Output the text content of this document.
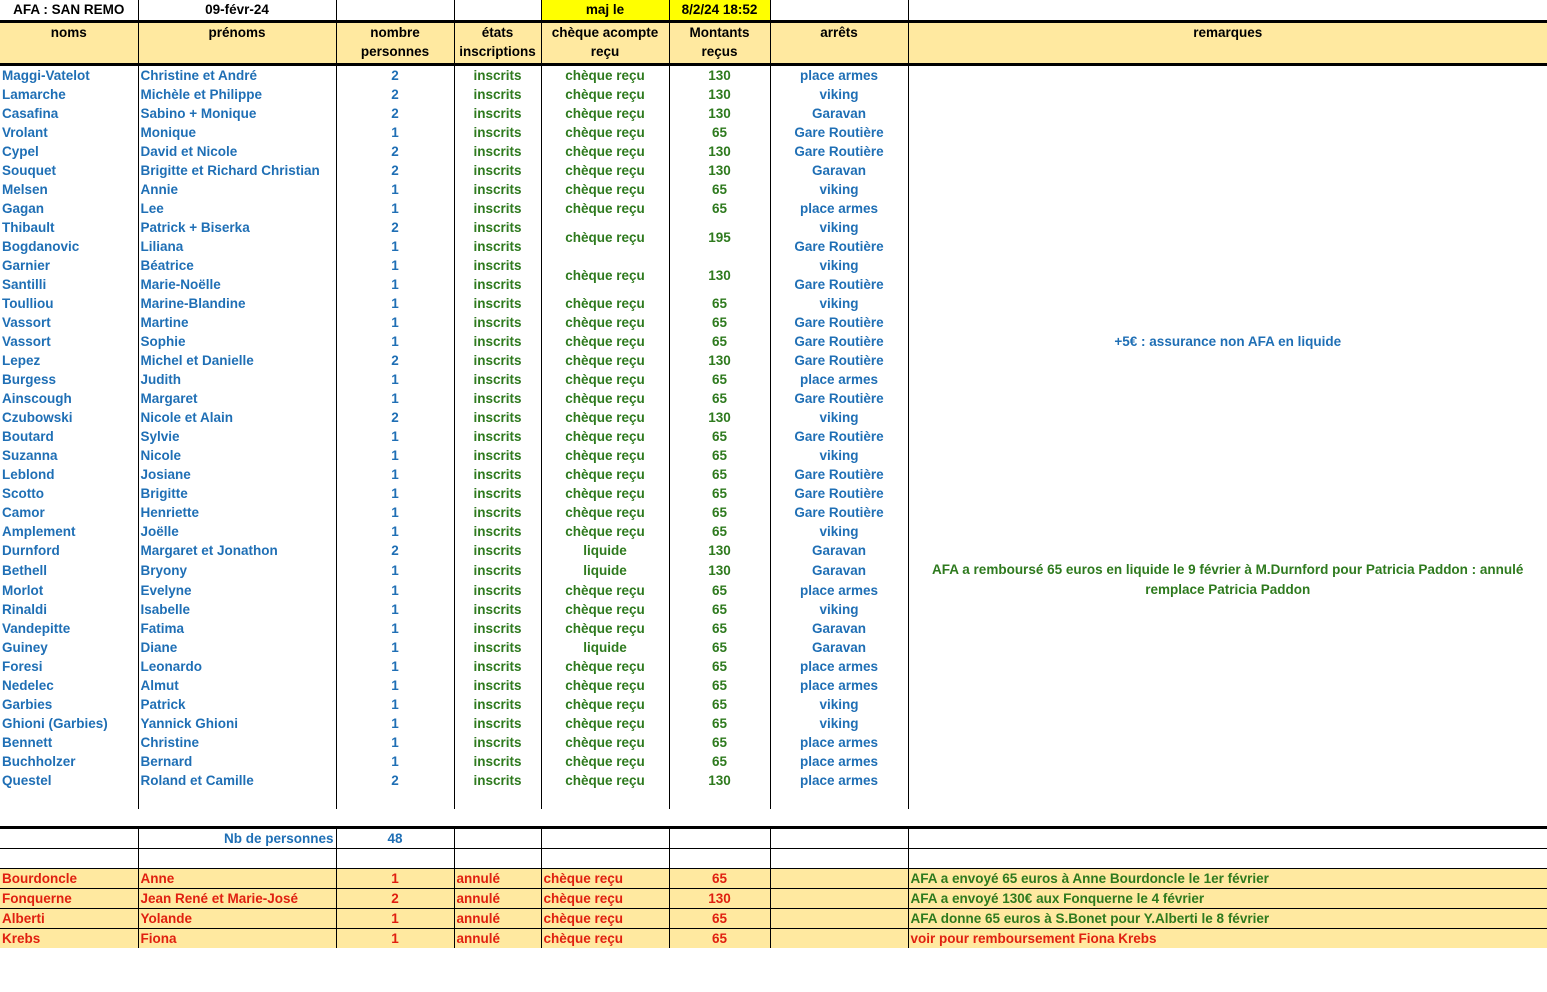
AFA : SAN REMO	09-févr-24			maj le	8/2/24 18:52		
noms	prénoms	nombre personnes	états inscriptions	chèque acompte reçu	Montants reçus	arrêts	remarques
Maggi-Vatelot	Christine et André	2	inscrits	chèque reçu	130	place armes	
Lamarche	Michèle et Philippe	2	inscrits	chèque reçu	130	viking	
Casafina	Sabino + Monique	2	inscrits	chèque reçu	130	Garavan	
Vrolant	Monique	1	inscrits	chèque reçu	65	Gare Routière	
Cypel	David et Nicole	2	inscrits	chèque reçu	130	Gare Routière	
Souquet	Brigitte et Richard Christian	2	inscrits	chèque reçu	130	Garavan	
Melsen	Annie	1	inscrits	chèque reçu	65	viking	
Gagan	Lee	1	inscrits	chèque reçu	65	place armes	
Thibault	Patrick + Biserka	2	inscrits	chèque reçu	195	viking	
Bogdanovic	Liliana	1	inscrits			Gare Routière	
Garnier	Béatrice	1	inscrits	chèque reçu	130	viking	
Santilli	Marie-Noëlle	1	inscrits			Gare Routière	
Toulliou	Marine-Blandine	1	inscrits	chèque reçu	65	viking	
Vassort	Martine	1	inscrits	chèque reçu	65	Gare Routière	
Vassort	Sophie	1	inscrits	chèque reçu	65	Gare Routière	+5€ : assurance non AFA en liquide
Lepez	Michel et Danielle	2	inscrits	chèque reçu	130	Gare Routière	
Burgess	Judith	1	inscrits	chèque reçu	65	place armes	
Ainscough	Margaret	1	inscrits	chèque reçu	65	Gare Routière	
Czubowski	Nicole et Alain	2	inscrits	chèque reçu	130	viking	
Boutard	Sylvie	1	inscrits	chèque reçu	65	Gare Routière	
Suzanna	Nicole	1	inscrits	chèque reçu	65	viking	
Leblond	Josiane	1	inscrits	chèque reçu	65	Gare Routière	
Scotto	Brigitte	1	inscrits	chèque reçu	65	Gare Routière	
Camor	Henriette	1	inscrits	chèque reçu	65	Gare Routière	
Amplement	Joëlle	1	inscrits	chèque reçu	65	viking	
Durnford	Margaret et Jonathon	2	inscrits	liquide	130	Garavan	
Bethell	Bryony	1	inscrits	liquide	130	Garavan	AFA a remboursé 65 euros en liquide le 9 février à M.Durnford pour Patricia Paddon : annulé remplace Patricia Paddon
Morlot	Evelyne	1	inscrits	chèque reçu	65	place armes	
Rinaldi	Isabelle	1	inscrits	chèque reçu	65	viking	
Vandepitte	Fatima	1	inscrits	chèque reçu	65	Garavan	
Guiney	Diane	1	inscrits	liquide	65	Garavan	
Foresi	Leonardo	1	inscrits	chèque reçu	65	place armes	
Nedelec	Almut	1	inscrits	chèque reçu	65	place armes	
Garbies	Patrick	1	inscrits	chèque reçu	65	viking	
Ghioni (Garbies)	Yannick Ghioni	1	inscrits	chèque reçu	65	viking	
Bennett	Christine	1	inscrits	chèque reçu	65	place armes	
Buchholzer	Bernard	1	inscrits	chèque reçu	65	place armes	
Questel	Roland et Camille	2	inscrits	chèque reçu	130	place armes	

	Nb de personnes	48					

Bourdoncle	Anne	1	annulé	chèque reçu	65		AFA a envoyé 65 euros à Anne Bourdoncle le 1er février
Fonquerne	Jean René et Marie-José	2	annulé	chèque reçu	130		AFA a envoyé 130€ aux Fonquerne le 4 février
Alberti	Yolande	1	annulé	chèque reçu	65		AFA donne 65 euros à S.Bonet pour Y.Alberti le 8 février
Krebs	Fiona	1	annulé	chèque reçu	65		voir pour remboursement Fiona Krebs
